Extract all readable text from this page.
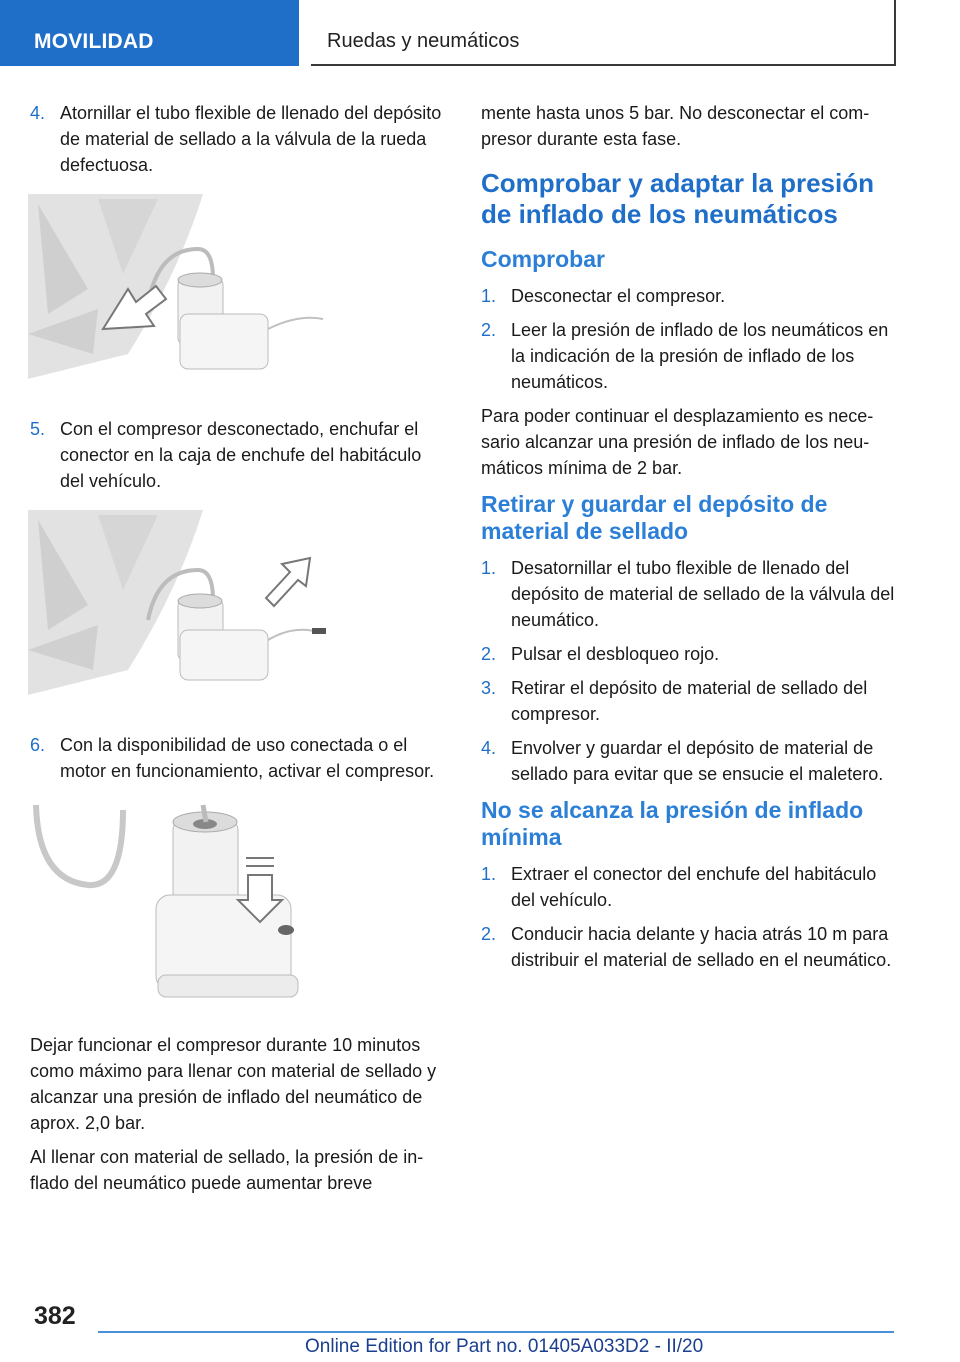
MOVILIDAD	Ruedas y neumáticos
4. Atornillar el tubo flexible de llenado del depósito de material de sellado a la válvula de la rueda defectuosa.
5. Con el compresor desconectado, enchufar el conector en la caja de enchufe del habitáculo del vehículo.
6. Con la disponibilidad de uso conectada o el motor en funcionamiento, activar el compresor.

Dejar funcionar el compresor durante 10 minutos como máximo para llenar con material de sellado y alcanzar una presión de inflado del neumático de aprox. 2,0 bar.

Al llenar con material de sellado, la presión de inflado del neumático puede aumentar breve

mente hasta unos 5 bar. No desconectar el compresor durante esta fase.

Comprobar y adaptar la presión de inflado de los neumáticos
Comprobar
1. Desconectar el compresor.
2. Leer la presión de inflado de los neumáticos en la indicación de la presión de inflado de los neumáticos.

Para poder continuar el desplazamiento es necesario alcanzar una presión de inflado de los neumáticos mínima de 2 bar.

Retirar y guardar el depósito de material de sellado
1. Desatornillar el tubo flexible de llenado del depósito de material de sellado de la válvula del neumático.
2. Pulsar el desbloqueo rojo.
3. Retirar el depósito de material de sellado del compresor.
4. Envolver y guardar el depósito de material de sellado para evitar que se ensucie el maletero.
No se alcanza la presión de inflado mínima
1. Extraer el conector del enchufe del habitáculo del vehículo.
2. Conducir hacia delante y hacia atrás 10 m para distribuir el material de sellado en el neumático.
382
Online Edition for Part no. 01405A033D2 - II/20
